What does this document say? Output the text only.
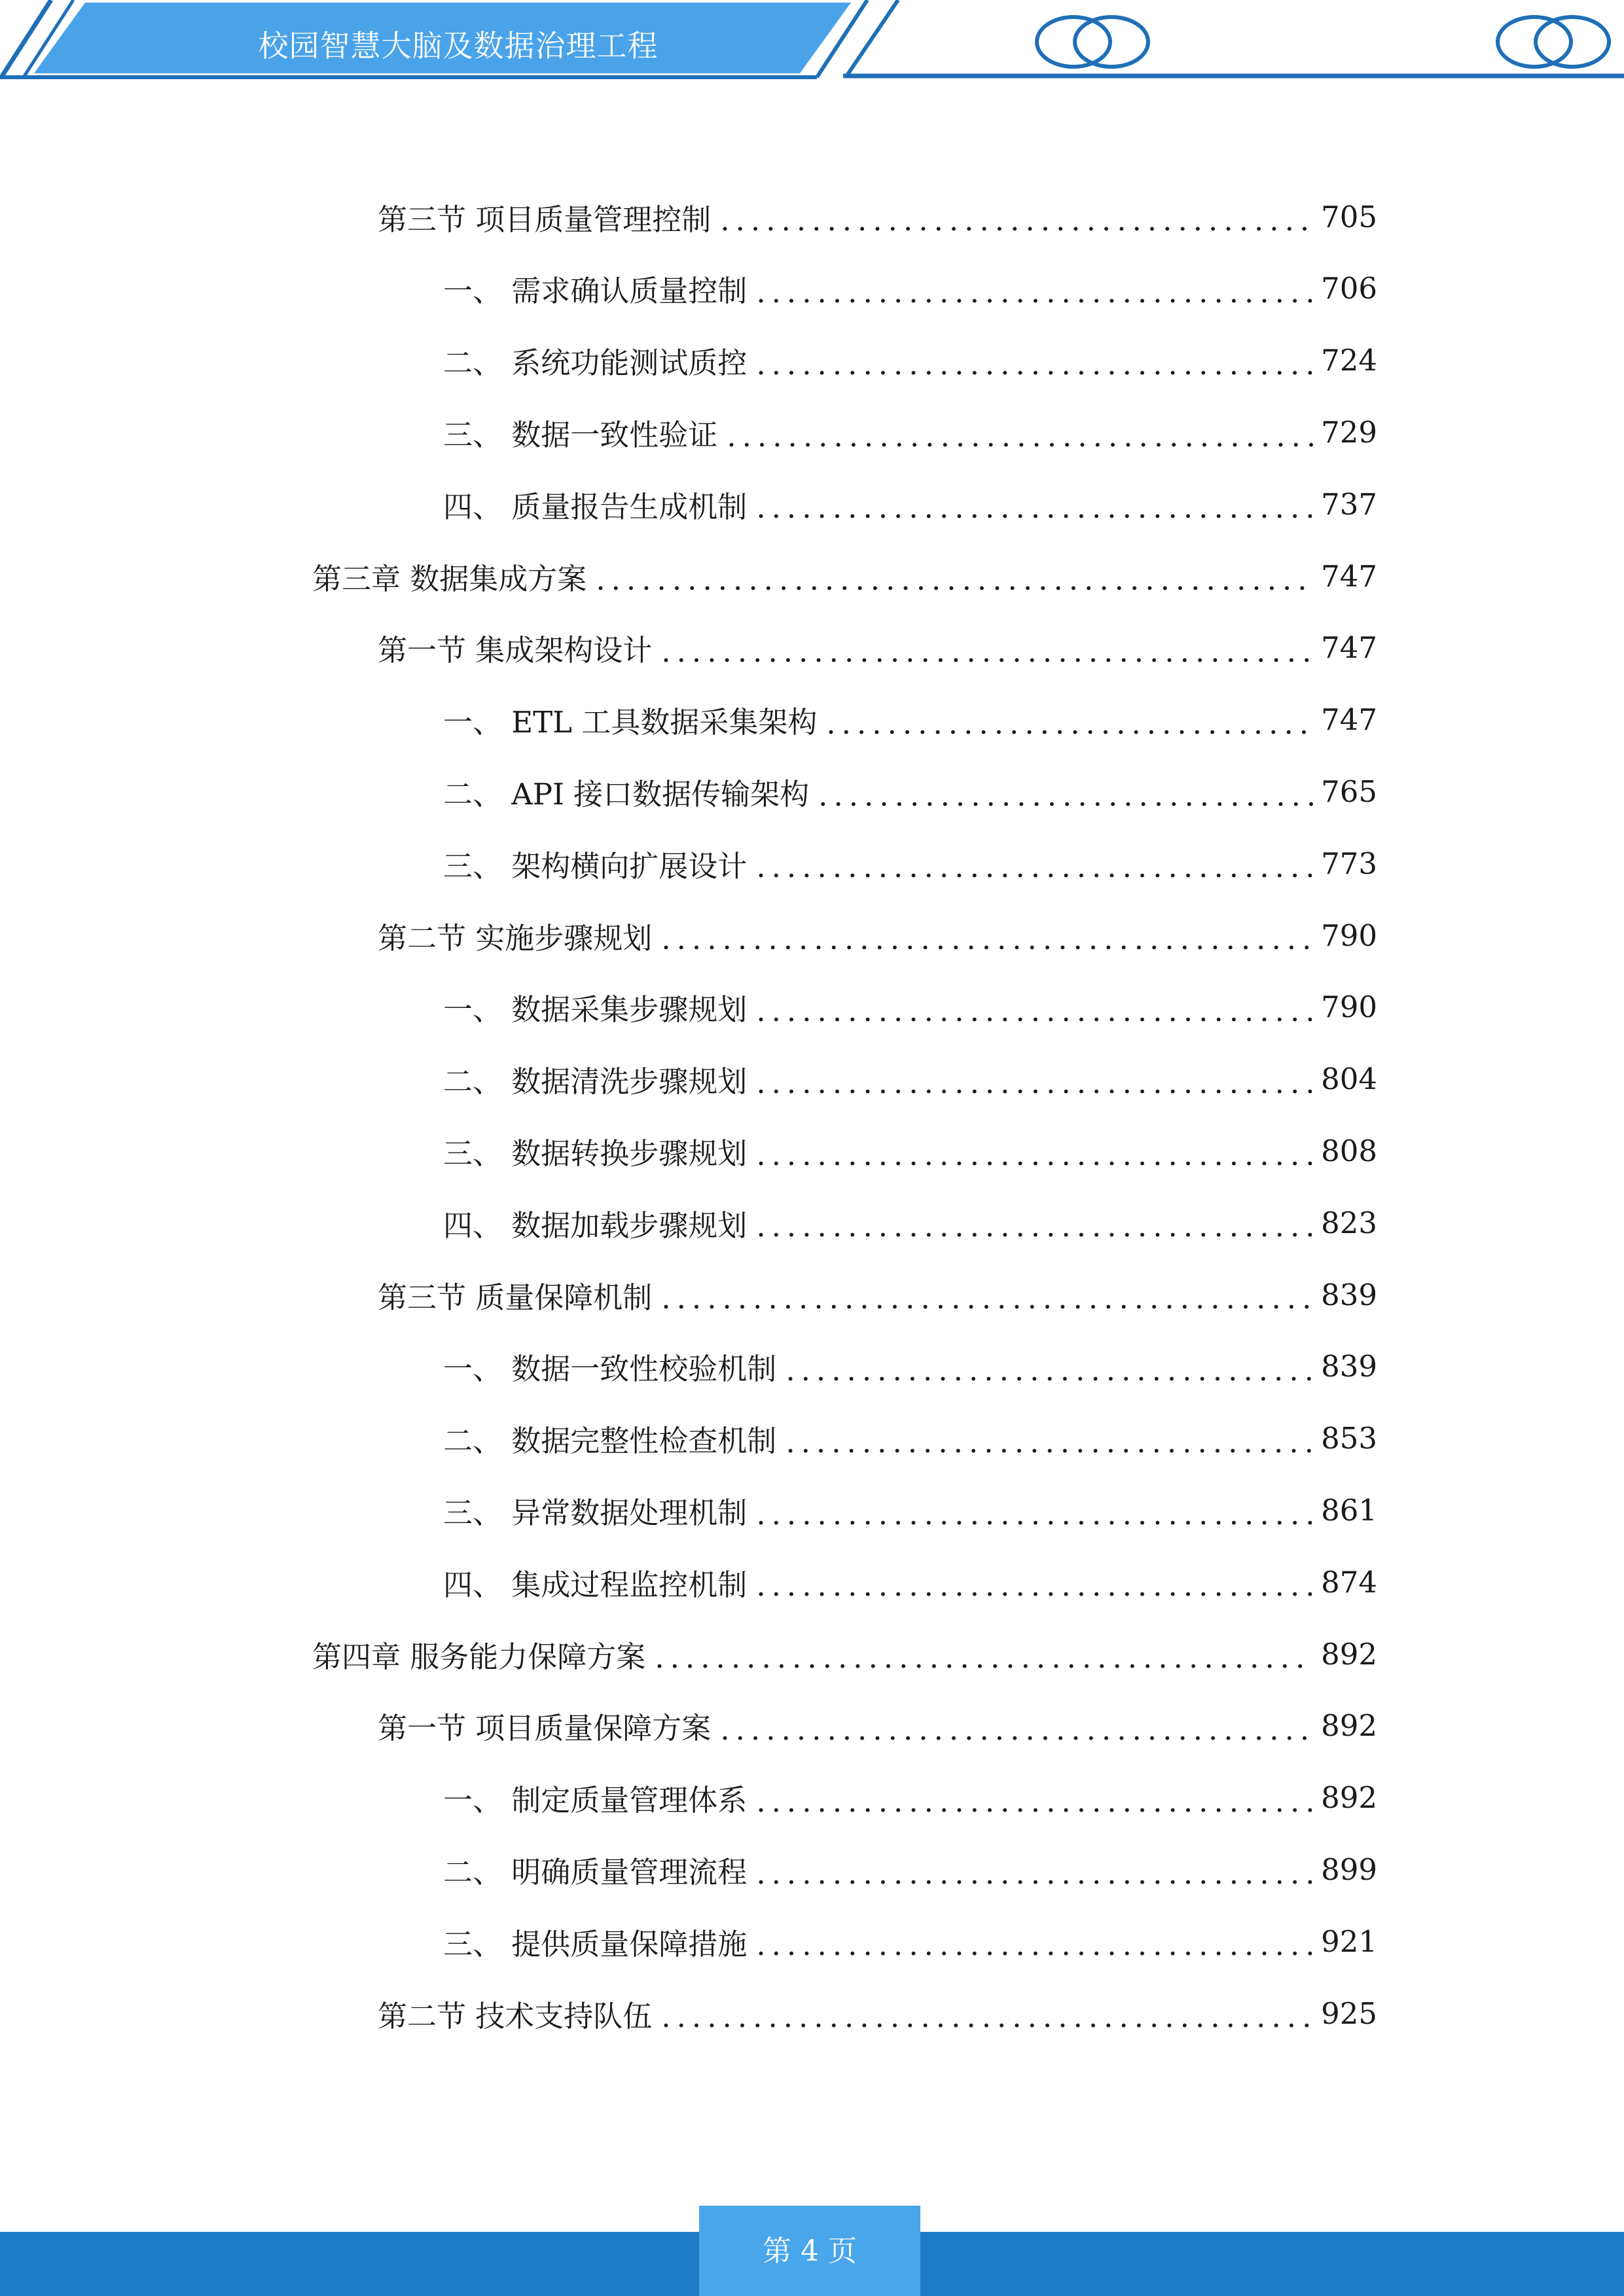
校园智慧大脑及数据治理工程
第三节 项目质量管理控制 .....	705
一、 需求确认质量控制 .....	706
二、 系统功能测试质控 .....	724
三、 数据一致性验证 .....	729
四、 质量报告生成机制 .....	737
第三章 数据集成方案 .....	747
第一节 集成架构设计 .....	747
一、 ETL 工具数据采集架构 .....	747
二、 API 接口数据传输架构 .....	765
三、 架构横向扩展设计 .....	773
第二节 实施步骤规划 .....	790
一、 数据采集步骤规划 .....	790
二、 数据清洗步骤规划 .....	804
三、 数据转换步骤规划 .....	808
四、 数据加载步骤规划 .....	823
第三节 质量保障机制 .....	839
一、 数据一致性校验机制 .....	839
二、 数据完整性检查机制 .....	853
三、 异常数据处理机制 .....	861
四、 集成过程监控机制 .....	874
第四章 服务能力保障方案 .....	892
第一节 项目质量保障方案 .....	892
一、 制定质量管理体系 .....	892
二、 明确质量管理流程 .....	899
三、 提供质量保障措施 .....	921
第二节 技术支持队伍 .....	925
第 4 页
